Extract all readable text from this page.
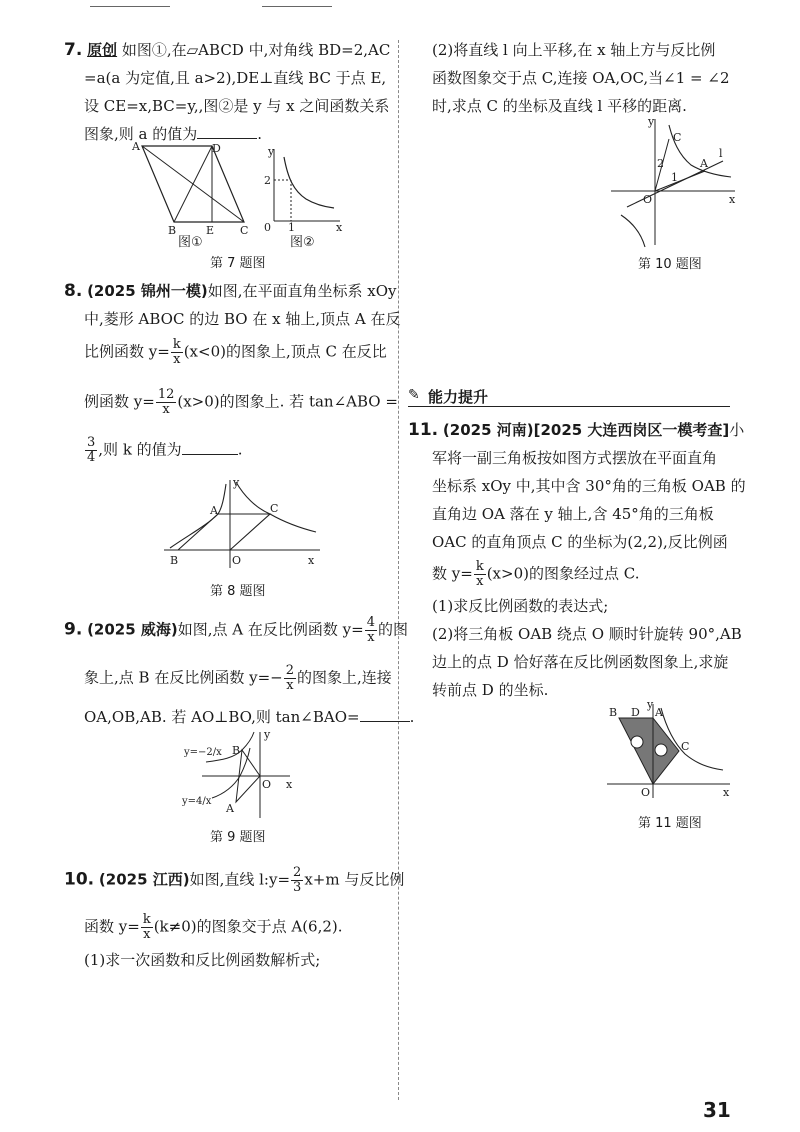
7. 原创 如图①,在▱ABCD 中,对角线 BD=2,AC
=a(a 为定值,且 a>2),DE⊥直线 BC 于点 E,
设 CE=x,BC=y,,图②是 y 与 x 之间函数关系
图象,则 a 的值为	.
A	D
B	E C
图①
y
2
0 1	x
图②
第 7 题图
8. (2025 锦州一模)如图,在平面直角坐标系 xOy
中,菱形 ABOC 的边 BO 在 x 轴上,顶点 A 在反
比例函数 $y= \frac{k}{x} (x<0)$的图象上,顶点 C 在反比
例函数 $y= \frac{12}{x} (x>0)$的图象上. 若 tan∠ABO =
$\frac{3}{4}$ ,则 k 的值为	.
y
A	C
B	O	x
第 8 题图
9. (2025 威海)如图,点 A 在反比例函数 $y= \frac{4}{x}$ 的图
象上,点 B 在反比例函数 $y=- \frac{2}{x}$ 的图象上,连接
OA,OB,AB. 若 AO⊥BO,则 tan∠BAO=	.
y=−2/x B
y
O x
y=4/x
A
第 9 题图
10. (2025 江西)如图,直线 l:y= $\frac{2}{3} x+m$ 与反比例
函数 $y= \frac{k}{x} (k\ne 0)$的图象交于点 A(6,2).
(1)求一次函数和反比例函数解析式;
(2)将直线 l 向上平移,在 x 轴上方与反比例
函数图象交于点 C,连接 OA,OC,当∠1 = ∠2
时,求点 C 的坐标及直线 l 平移的距离.
y
C
2	A
l
1
O	x
第 10 题图
✎ 能力提升
11. (2025 河南)[2025 大连西岗区一模考查]小
军将一副三角板按如图方式摆放在平面直角
坐标系 xOy 中,其中含 30°角的三角板 OAB 的
直角边 OA 落在 y 轴上,含 45°角的三角板
OAC 的直角顶点 C 的坐标为(2,2),反比例函
数 $y= \frac{k}{x} (x>0)$的图象经过点 C.
(1)求反比例函数的表达式;
(2)将三角板 OAB 绕点 O 顺时针旋转 90°,AB
边上的点 D 恰好落在反比例函数图象上,求旋
转前点 D 的坐标.
B D
y
A
C
O	x
第 11 题图
31
